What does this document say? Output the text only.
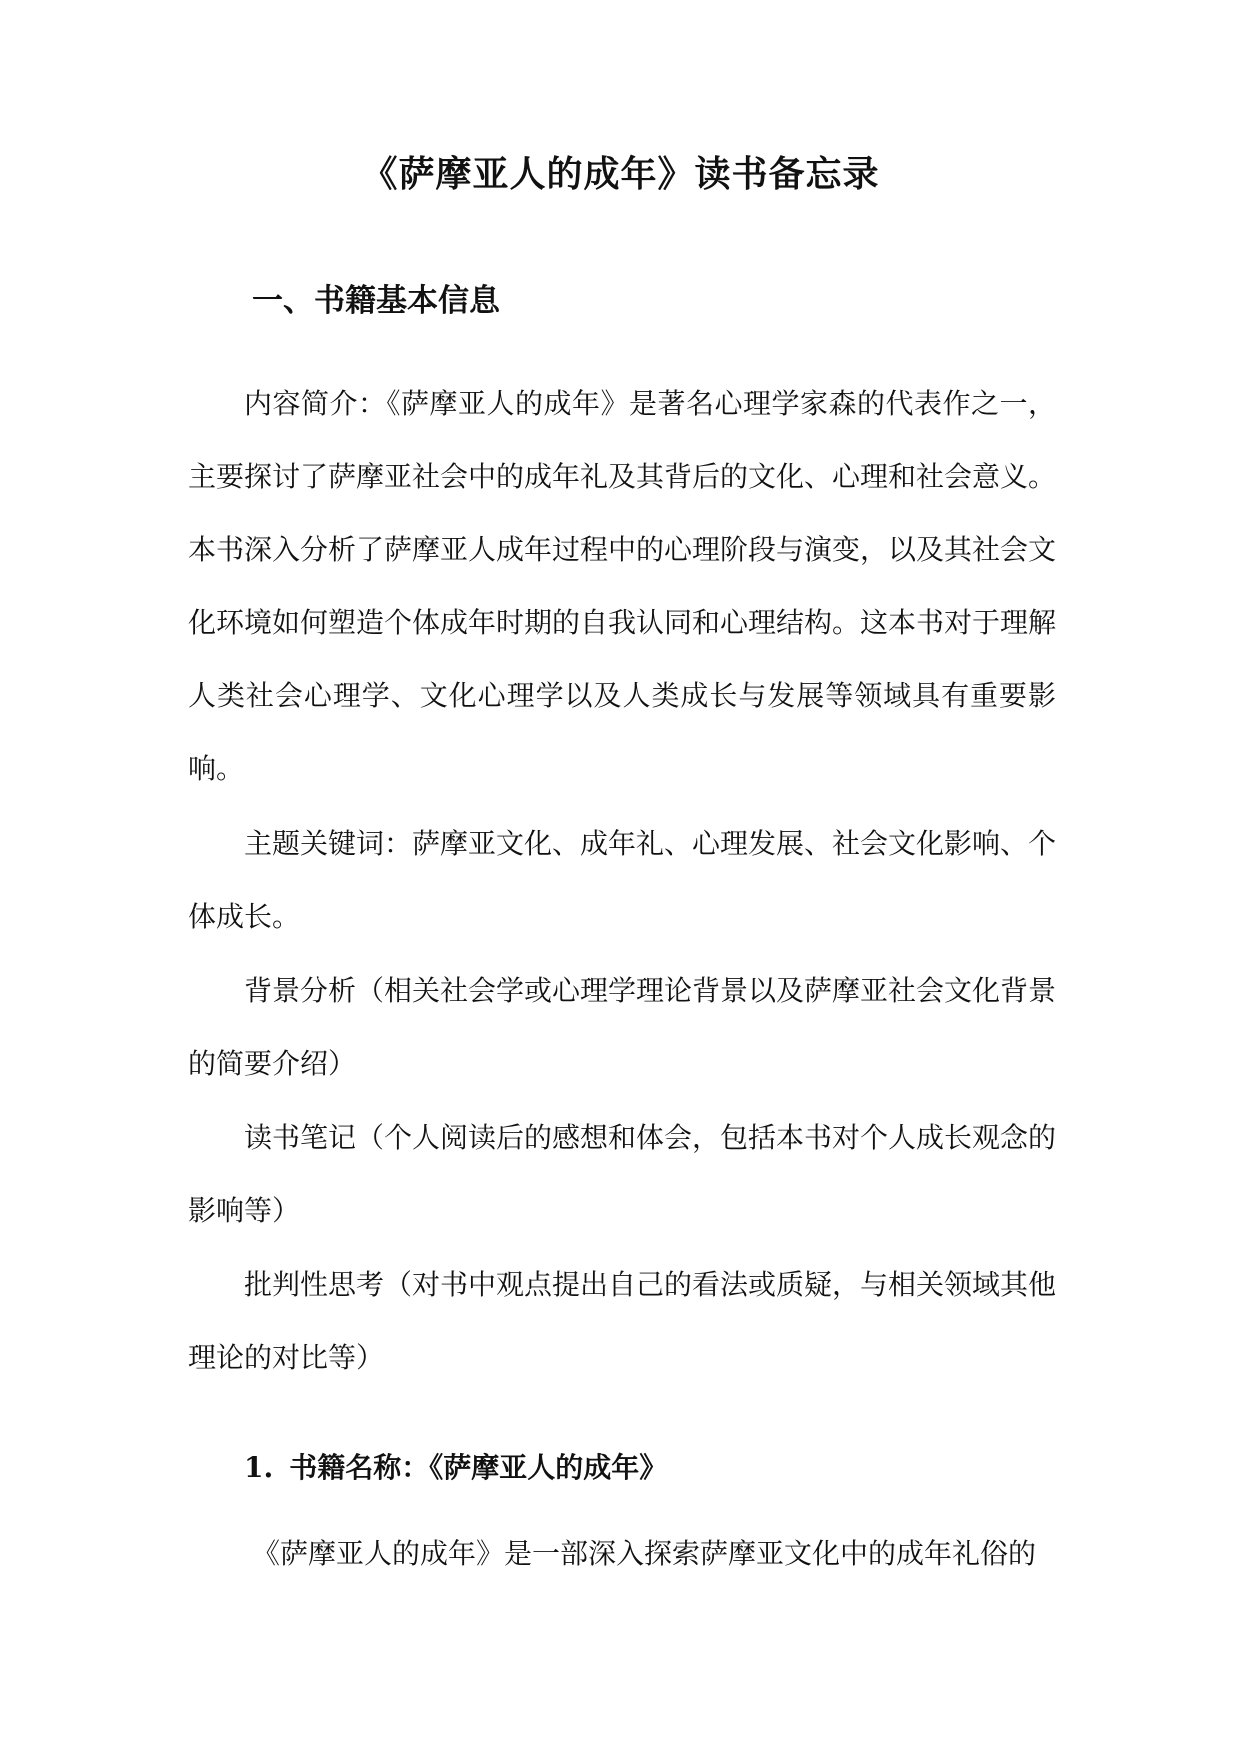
《萨摩亚人的成年》读书备忘录
一、书籍基本信息

内容简介：《萨摩亚人的成年》是著名心理学家森的代表作之一，主要探讨了萨摩亚社会中的成年礼及其背后的文化、心理和社会意义。本书深入分析了萨摩亚人成年过程中的心理阶段与演变，以及其社会文化环境如何塑造个体成年时期的自我认同和心理结构。这本书对于理解人类社会心理学、文化心理学以及人类成长与发展等领域具有重要影响。

主题关键词：萨摩亚文化、成年礼、心理发展、社会文化影响、个体成长。

背景分析（相关社会学或心理学理论背景以及萨摩亚社会文化背景的简要介绍）

读书笔记（个人阅读后的感想和体会，包括本书对个人成长观念的影响等）

批判性思考（对书中观点提出自己的看法或质疑，与相关领域其他理论的对比等）

1. 书籍名称：《萨摩亚人的成年》

《萨摩亚人的成年》是一部深入探索萨摩亚文化中的成年礼俗的
